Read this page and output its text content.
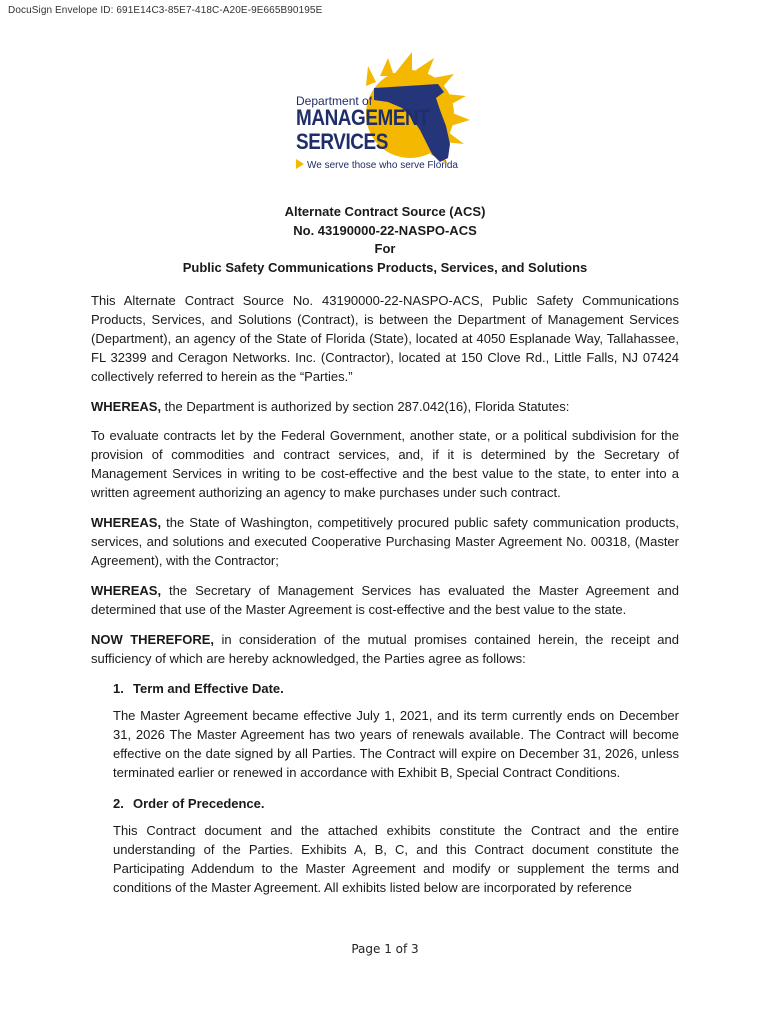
DocuSign Envelope ID: 691E14C3-85E7-418C-A20E-9E665B90195E
Department of
MANAGEMENT
SERVICES
We serve those who serve Florida
Alternate Contract Source (ACS)
No. 43190000-22-NASPO-ACS
For
Public Safety Communications Products, Services, and Solutions

This Alternate Contract Source No. 43190000-22-NASPO-ACS, Public Safety Communications Products, Services, and Solutions (Contract), is between the Department of Management Services (Department), an agency of the State of Florida (State), located at 4050 Esplanade Way, Tallahassee, FL 32399 and Ceragon Networks. Inc. (Contractor), located at 150 Clove Rd., Little Falls, NJ 07424 collectively referred to herein as the “Parties.”

WHEREAS, the Department is authorized by section 287.042(16), Florida Statutes:

To evaluate contracts let by the Federal Government, another state, or a political subdivision for the provision of commodities and contract services, and, if it is determined by the Secretary of Management Services in writing to be cost-effective and the best value to the state, to enter into a written agreement authorizing an agency to make purchases under such contract.

WHEREAS, the State of Washington, competitively procured public safety communication products, services, and solutions and executed Cooperative Purchasing Master Agreement No. 00318, (Master Agreement), with the Contractor;

WHEREAS, the Secretary of Management Services has evaluated the Master Agreement and determined that use of the Master Agreement is cost-effective and the best value to the state.

NOW THEREFORE, in consideration of the mutual promises contained herein, the receipt and sufficiency of which are hereby acknowledged, the Parties agree as follows:

1. Term and Effective Date.

The Master Agreement became effective July 1, 2021, and its term currently ends on December 31, 2026 The Master Agreement has two years of renewals available. The Contract will become effective on the date signed by all Parties. The Contract will expire on December 31, 2026, unless terminated earlier or renewed in accordance with Exhibit B, Special Contract Conditions.

2. Order of Precedence.

This Contract document and the attached exhibits constitute the Contract and the entire understanding of the Parties. Exhibits A, B, C, and this Contract document constitute the Participating Addendum to the Master Agreement and modify or supplement the terms and conditions of the Master Agreement. All exhibits listed below are incorporated by reference

Page 1 of 3
